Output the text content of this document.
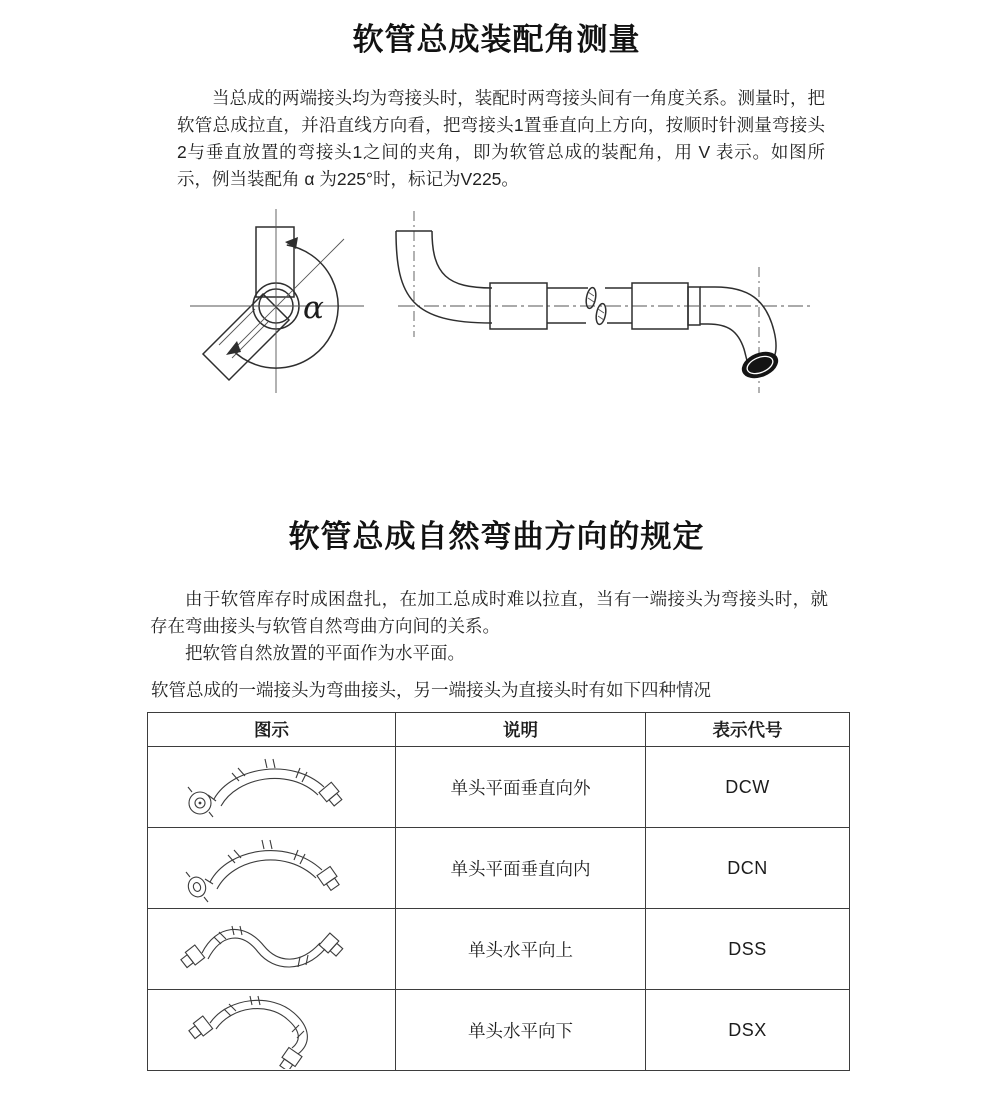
软管总成装配角测量

当总成的两端接头均为弯接头时，装配时两弯接头间有一角度关系。测量时，把软管总成拉直，并沿直线方向看，把弯接头1置垂直向上方向，按顺时针测量弯接头2与垂直放置的弯接头1之间的夹角，即为软管总成的装配角，用 V 表示。如图所示，例当装配角 α 为225°时，标记为V225。

α
软管总成自然弯曲方向的规定

由于软管库存时成困盘扎，在加工总成时难以拉直，当有一端接头为弯接头时，就存在弯曲接头与软管自然弯曲方向间的关系。

把软管自然放置的平面作为水平面。

软管总成的一端接头为弯曲接头，另一端接头为直接头时有如下四种情况

图示	说明	表示代号

	单头平面垂直向外	DCW

	单头平面垂直向内	DCN

	单头水平向上	DSS

	单头水平向下	DSX
